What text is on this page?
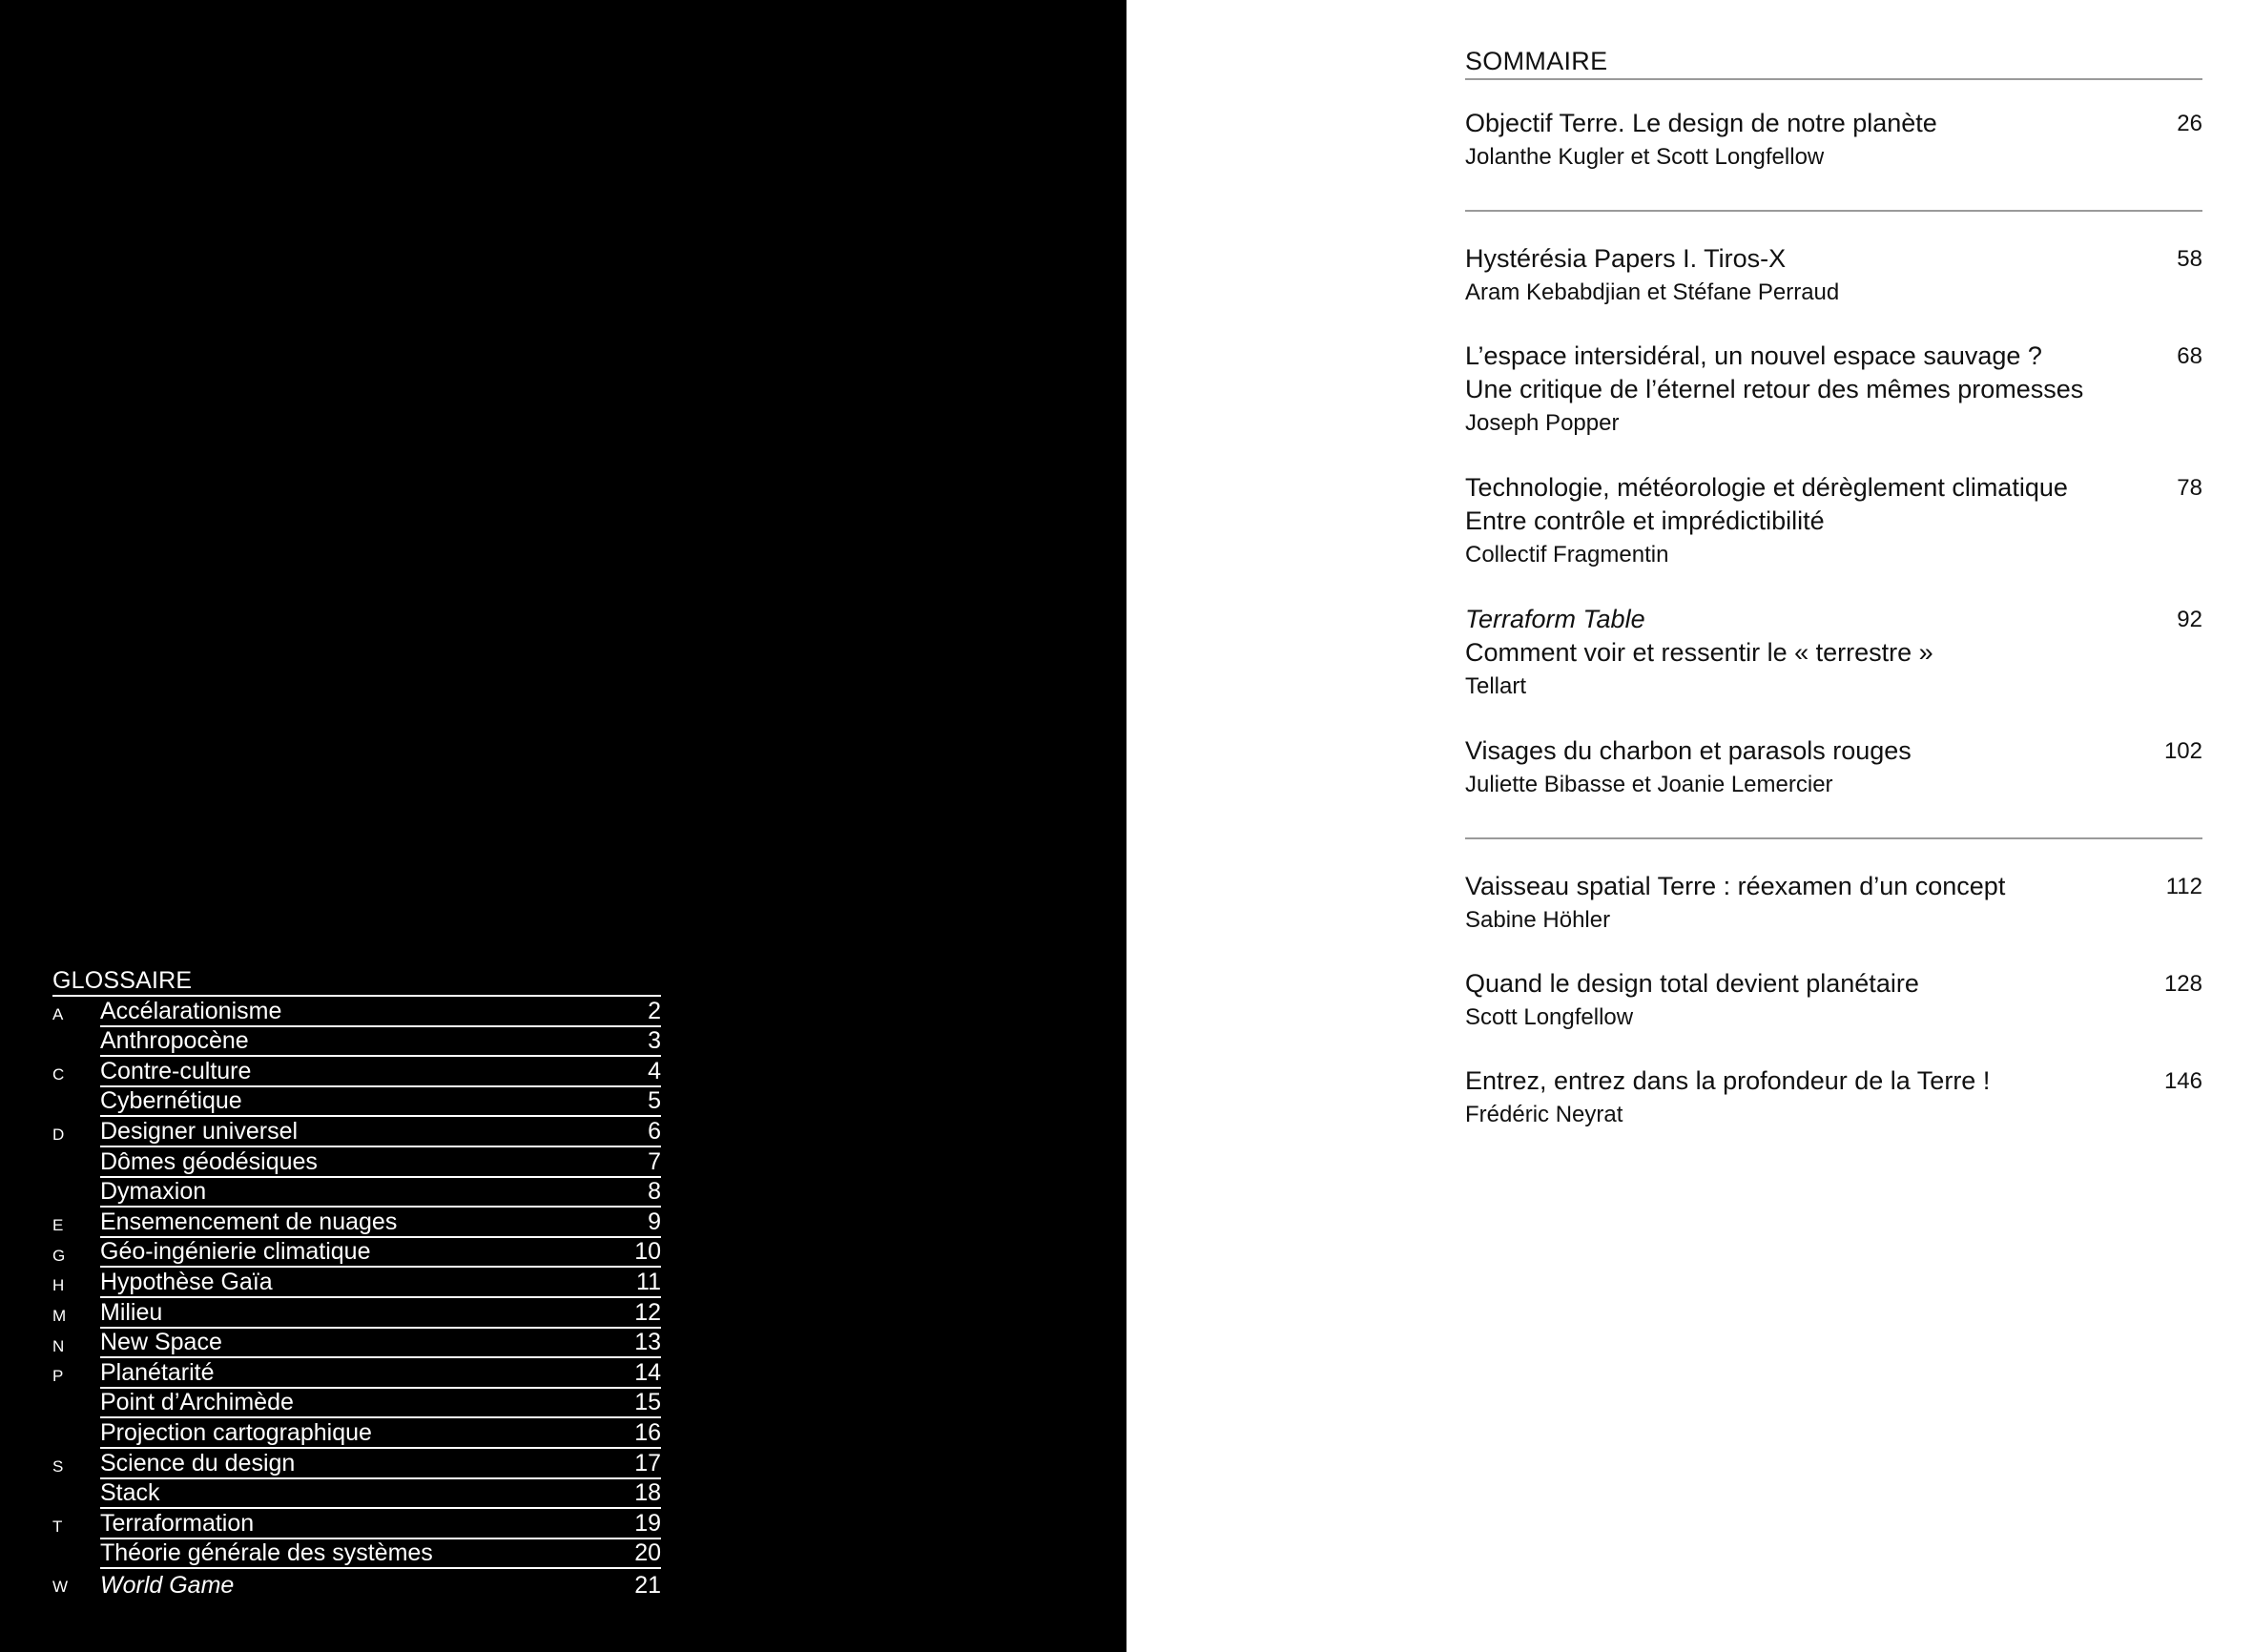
GLOSSAIRE
A Accélarationisme	2
Anthropocène	3
C Contre-culture	4
Cybernétique	5
D Designer universel	6
Dômes géodésiques	7
Dymaxion	8
E Ensemencement de nuages	9
G Géo-ingénierie climatique	10
H Hypothèse Gaïa	11
M Milieu	12
N New Space	13
P Planétarité	14
Point d’Archimède	15
Projection cartographique	16
S Science du design	17
Stack	18
T Terraformation	19
Théorie générale des systèmes	20
W World Game	21
SOMMAIRE
Objectif Terre. Le design de notre planète
Jolanthe Kugler et Scott Longfellow
26
Hystérésia Papers I. Tiros-X
Aram Kebabdjian et Stéfane Perraud
58
L’espace intersidéral, un nouvel espace sauvage ?
Une critique de l’éternel retour des mêmes promesses
Joseph Popper
68
Technologie, météorologie et dérèglement climatique
Entre contrôle et imprédictibilité
Collectif Fragmentin
78
Terraform Table
Comment voir et ressentir le « terrestre »
Tellart
92
Visages du charbon et parasols rouges
Juliette Bibasse et Joanie Lemercier
102
Vaisseau spatial Terre : réexamen d’un concept
Sabine Höhler
112
Quand le design total devient planétaire
Scott Longfellow
128
Entrez, entrez dans la profondeur de la Terre !
Frédéric Neyrat
146
